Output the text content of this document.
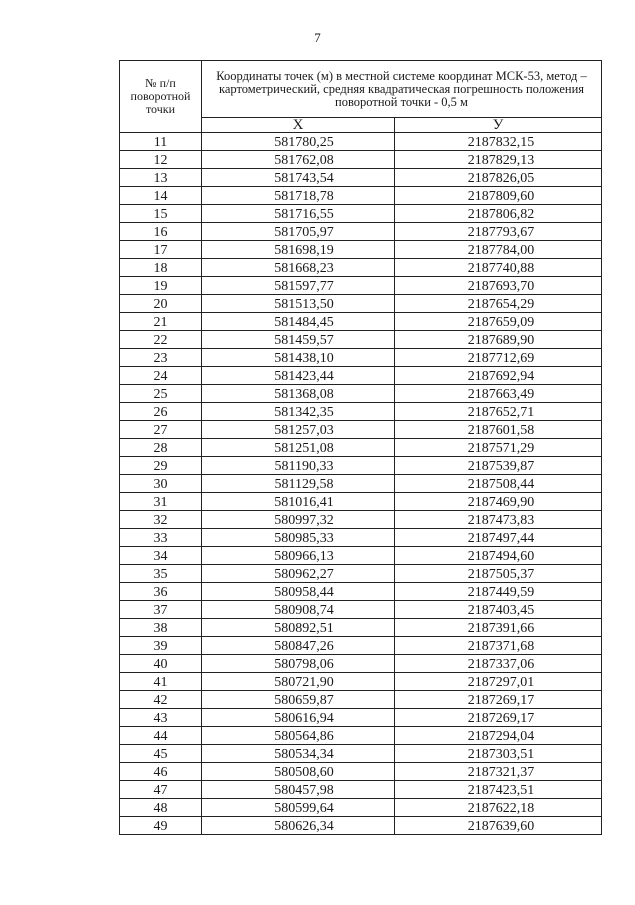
7
№ п/п поворотной точки	Координаты точек (м) в местной системе координат МСК-53, метод – картометрический, средняя квадратическая погрешность положения поворотной точки - 0,5 м	
	Х	У
11	581780,25	2187832,15
12	581762,08	2187829,13
13	581743,54	2187826,05
14	581718,78	2187809,60
15	581716,55	2187806,82
16	581705,97	2187793,67
17	581698,19	2187784,00
18	581668,23	2187740,88
19	581597,77	2187693,70
20	581513,50	2187654,29
21	581484,45	2187659,09
22	581459,57	2187689,90
23	581438,10	2187712,69
24	581423,44	2187692,94
25	581368,08	2187663,49
26	581342,35	2187652,71
27	581257,03	2187601,58
28	581251,08	2187571,29
29	581190,33	2187539,87
30	581129,58	2187508,44
31	581016,41	2187469,90
32	580997,32	2187473,83
33	580985,33	2187497,44
34	580966,13	2187494,60
35	580962,27	2187505,37
36	580958,44	2187449,59
37	580908,74	2187403,45
38	580892,51	2187391,66
39	580847,26	2187371,68
40	580798,06	2187337,06
41	580721,90	2187297,01
42	580659,87	2187269,17
43	580616,94	2187269,17
44	580564,86	2187294,04
45	580534,34	2187303,51
46	580508,60	2187321,37
47	580457,98	2187423,51
48	580599,64	2187622,18
49	580626,34	2187639,60
